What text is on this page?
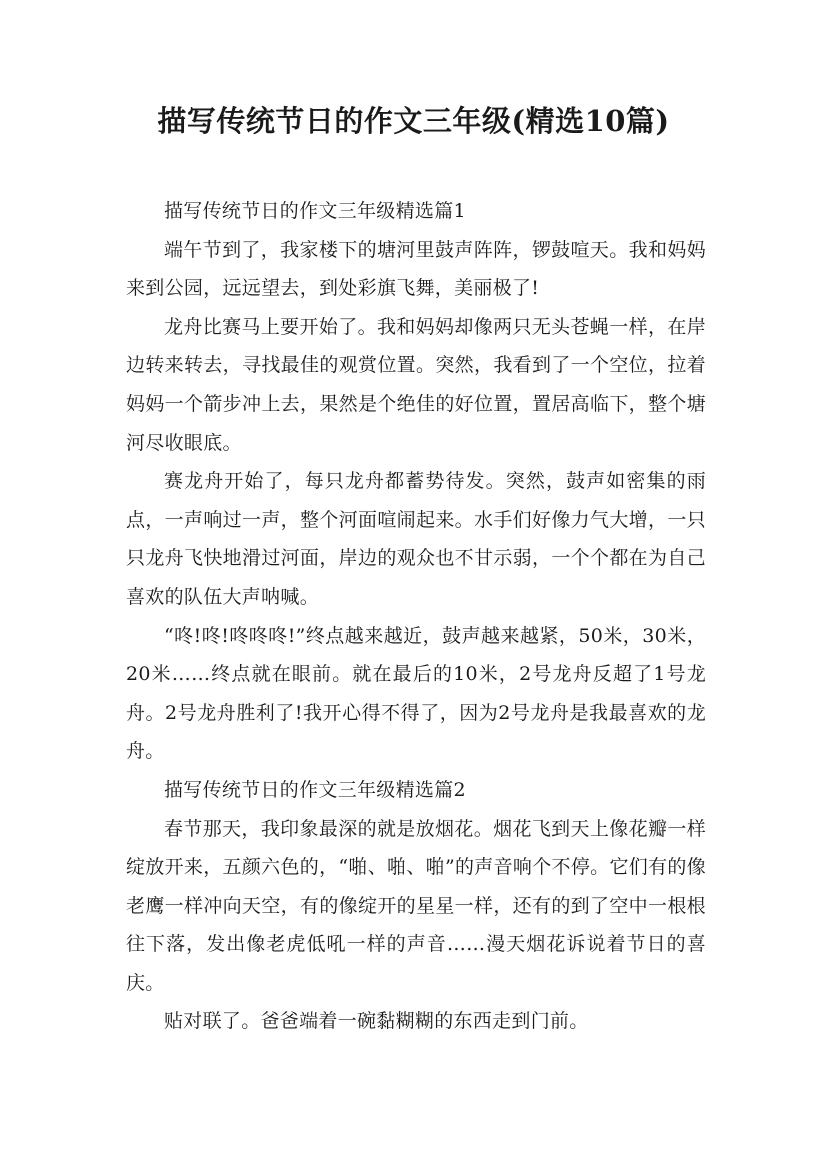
描写传统节日的作文三年级(精选10篇)

描写传统节日的作文三年级精选篇1

端午节到了，我家楼下的塘河里鼓声阵阵，锣鼓喧天。我和妈妈来到公园，远远望去，到处彩旗飞舞，美丽极了!

龙舟比赛马上要开始了。我和妈妈却像两只无头苍蝇一样，在岸边转来转去，寻找最佳的观赏位置。突然，我看到了一个空位，拉着妈妈一个箭步冲上去，果然是个绝佳的好位置，置居高临下，整个塘河尽收眼底。

赛龙舟开始了，每只龙舟都蓄势待发。突然，鼓声如密集的雨点，一声响过一声，整个河面喧闹起来。水手们好像力气大增，一只只龙舟飞快地滑过河面，岸边的观众也不甘示弱，一个个都在为自己喜欢的队伍大声呐喊。

“咚!咚!咚咚咚!”终点越来越近，鼓声越来越紧，50米，30米，20米……终点就在眼前。就在最后的10米，2号龙舟反超了1号龙舟。2号龙舟胜利了!我开心得不得了，因为2号龙舟是我最喜欢的龙舟。

描写传统节日的作文三年级精选篇2

春节那天，我印象最深的就是放烟花。烟花飞到天上像花瓣一样绽放开来，五颜六色的，“啪、啪、啪”的声音响个不停。它们有的像老鹰一样冲向天空，有的像绽开的星星一样，还有的到了空中一根根往下落，发出像老虎低吼一样的声音……漫天烟花诉说着节日的喜庆。

贴对联了。爸爸端着一碗黏糊糊的东西走到门前。
